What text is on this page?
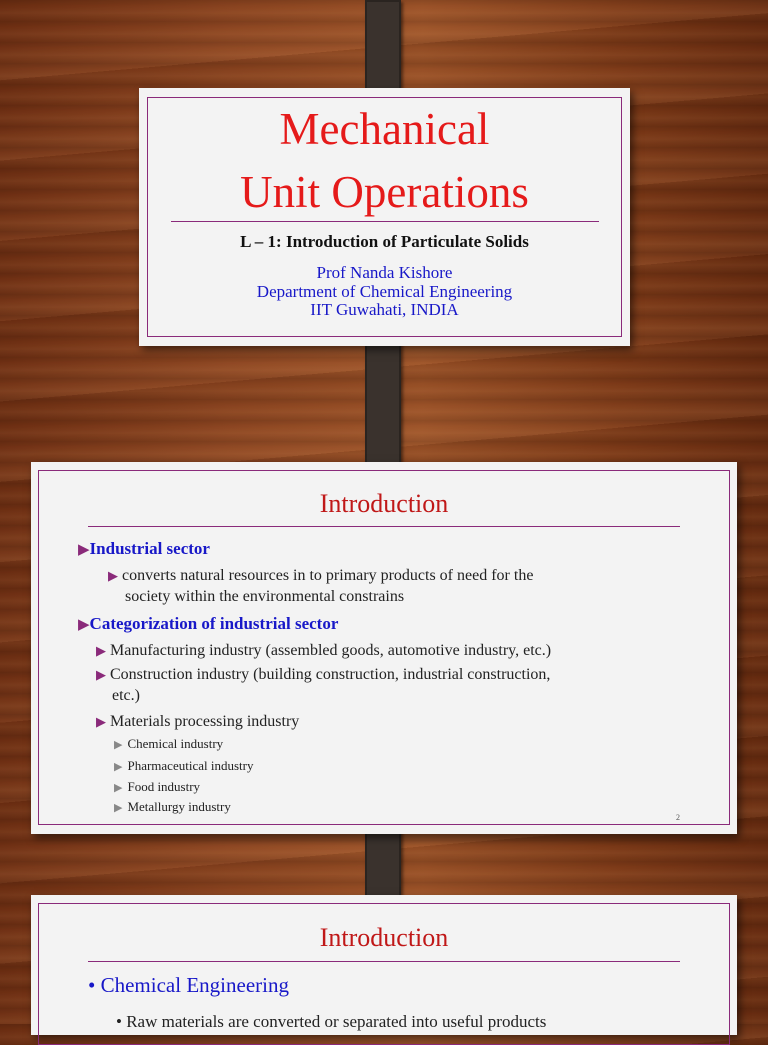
Mechanical
Unit Operations
L – 1: Introduction of Particulate Solids
Prof Nanda Kishore
Department of Chemical Engineering
IIT Guwahati, INDIA
Introduction
▶Industrial sector
▶ converts natural resources in to primary products of need for the
society within the environmental constrains
▶Categorization of industrial sector
▶ Manufacturing industry (assembled goods, automotive industry, etc.)
▶ Construction industry (building construction, industrial construction,
etc.)
▶ Materials processing industry
▶ Chemical industry
▶ Pharmaceutical industry
▶ Food industry
▶ Metallurgy industry
2
Introduction
• Chemical Engineering
• Raw materials are converted or separated into useful products
